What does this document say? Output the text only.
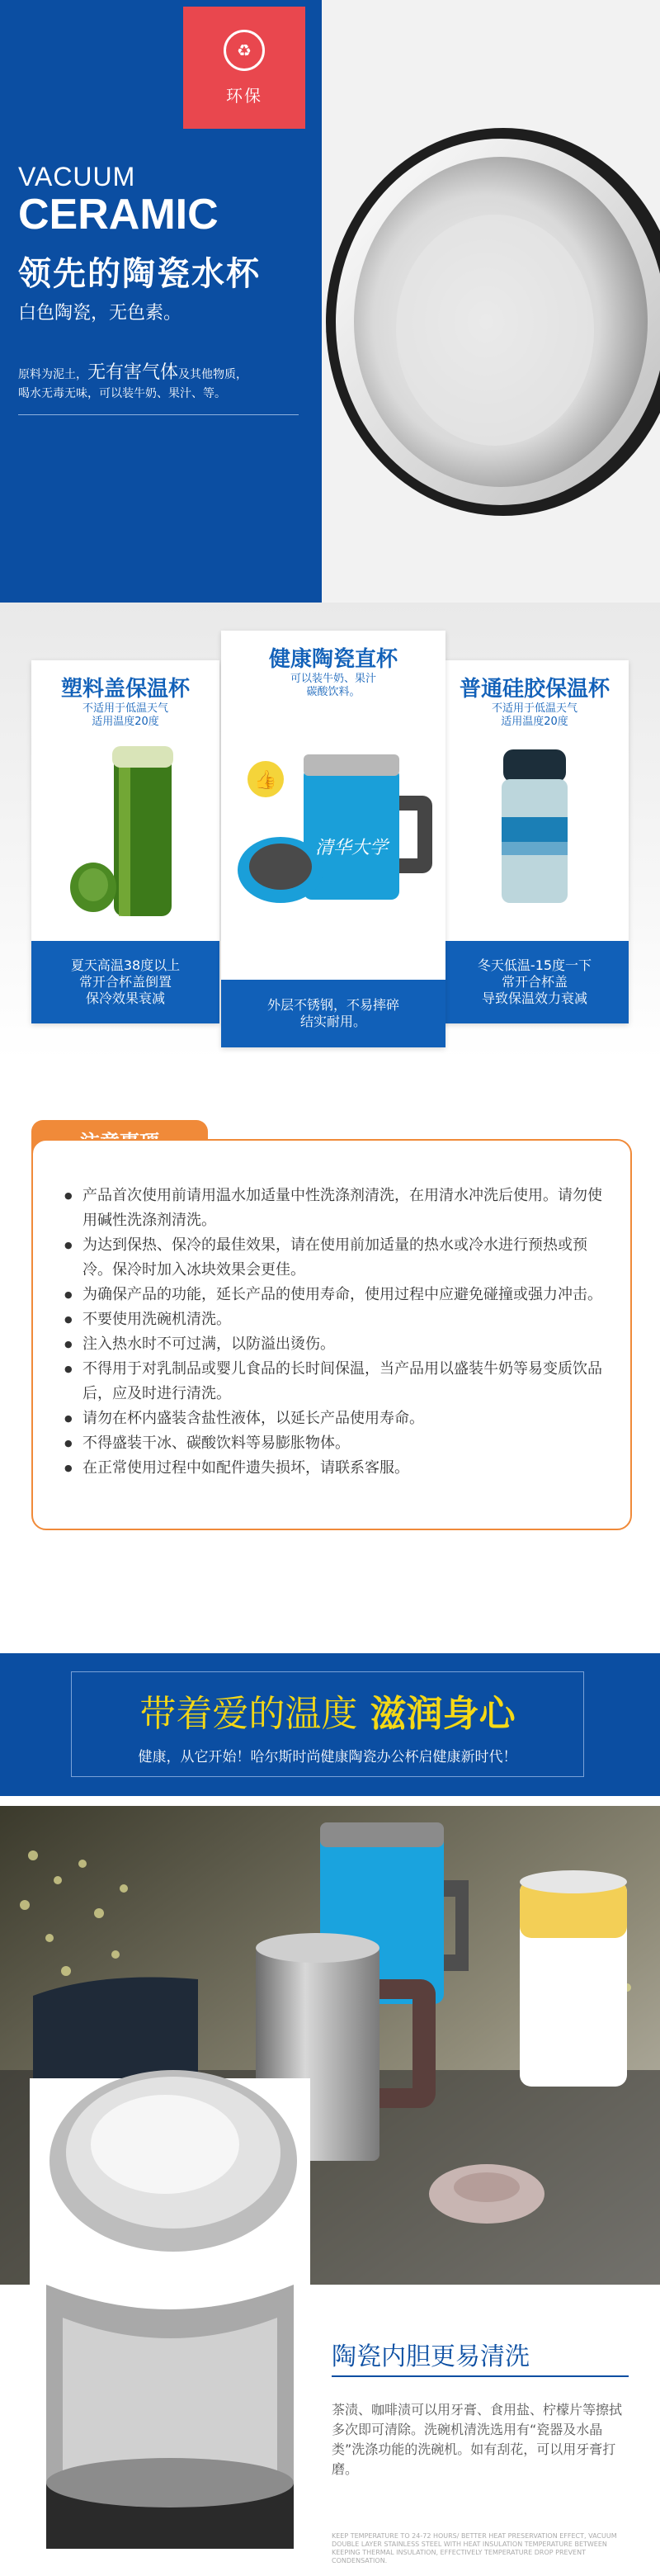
♻
环保
VACUUM
CERAMIC
领先的陶瓷水杯
白色陶瓷，无色素。
原料为泥土，无有害气体及其他物质，
喝水无毒无味，可以装牛奶、果汁、等。
塑料盖保温杯
不适用于低温天气
适用温度20度
夏天高温38度以上
常开合杯盖倒置
保冷效果衰减
普通硅胶保温杯
不适用于低温天气
适用温度20度
冬天低温-15度一下
常开合杯盖
导致保温效力衰减
健康陶瓷直杯
可以装牛奶、果汁
碳酸饮料。
👍
清华大学
外层不锈钢，不易摔碎
结实耐用。
● 产品首次使用前请用温水加适量中性洗涤剂清洗，在用清水冲洗后使用。请勿使用碱性洗涤剂清洗。
● 为达到保热、保冷的最佳效果，请在使用前加适量的热水或冷水进行预热或预冷。保冷时加入冰块效果会更佳。
● 为确保产品的功能，延长产品的使用寿命，使用过程中应避免碰撞或强力冲击。
● 不要使用洗碗机清洗。
● 注入热水时不可过满，以防溢出烫伤。
● 不得用于对乳制品或婴儿食品的长时间保温，当产品用以盛装牛奶等易变质饮品后，应及时进行清洗。
● 请勿在杯内盛装含盐性液体，以延长产品使用寿命。
● 不得盛装干冰、碳酸饮料等易膨胀物体。
● 在正常使用过程中如配件遗失损坏，请联系客服。
带着爱的温度 滋润身心
健康，从它开始！哈尔斯时尚健康陶瓷办公杯启健康新时代！
陶瓷内胆更易清洗
茶渍、咖啡渍可以用牙膏、食用盐、柠檬片等擦拭多次即可清除。洗碗机清洗选用有“瓷器及水晶类”洗涤功能的洗碗机。如有刮花，可以用牙膏打磨。
KEEP TEMPERATURE TO 24-72 HOURS/ BETTER HEAT PRESERVATION EFFECT, VACUUM DOUBLE LAYER STAINLESS STEEL WITH HEAT INSULATION TEMPERATURE BETWEEN KEEPING THERMAL INSULATION, EFFECTIVELY TEMPERATURE DROP PREVENT CONDENSATION.
